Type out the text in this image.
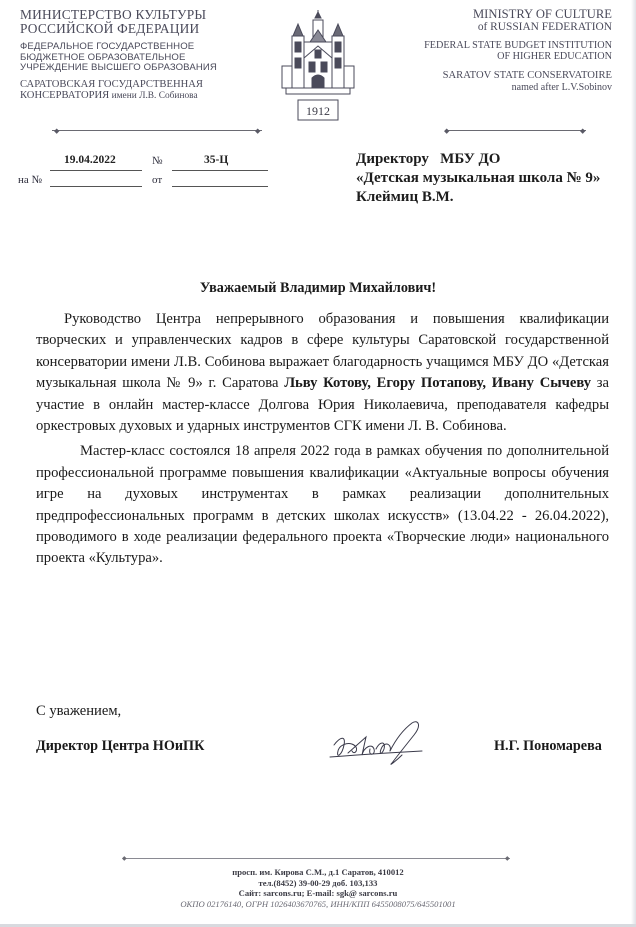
МИНИСТЕРСТВО КУЛЬТУРЫ
РОССИЙСКОЙ ФЕДЕРАЦИИ
ФЕДЕРАЛЬНОЕ ГОСУДАРСТВЕННОЕ
БЮДЖЕТНОЕ ОБРАЗОВАТЕЛЬНОЕ
УЧРЕЖДЕНИЕ ВЫСШЕГО ОБРАЗОВАНИЯ
САРАТОВСКАЯ ГОСУДАРСТВЕННАЯ
КОНСЕРВАТОРИЯ имени Л.В. Собинова
1912
MINISTRY OF CULTURE
of RUSSIAN FEDERATION
FEDERAL STATE BUDGET INSTITUTION
OF HIGHER EDUCATION
SARATOV STATE CONSERVATOIRE
named after L.V.Sobinov
◆	◆	◆	◆
19.04.2022	№	35-Ц
на №	от
Директору   МБУ ДО
«Детская музыкальная школа № 9»
Клеймиц В.М.
Уважаемый Владимир Михайлович!

Руководство Центра непрерывного образования и повышения квалификации творческих и управленческих кадров в сфере культуры Саратовской государственной консерватории имени Л.В. Собинова выражает благодарность учащимся МБУ ДО «Детская музыкальная школа № 9» г. Саратова Льву Котову, Егору Потапову, Ивану Сычеву за участие в онлайн мастер-классе Долгова Юрия Николаевича, преподавателя кафедры оркестровых духовых и ударных инструментов СГК имени Л. В. Собинова.

Мастер-класс состоялся 18 апреля 2022 года в рамках обучения по дополнительной профессиональной программе повышения квалификации «Актуальные вопросы обучения игре на духовых инструментах в рамках реализации дополнительных предпрофессиональных программ в детских школах искусств» (13.04.22 - 26.04.2022), проводимого в ходе реализации федерального проекта «Творческие люди» национального проекта «Культура».

С уважением,
Директор Центра НОиПК	Н.Г. Пономарева
◆	◆
просп. им. Кирова С.М., д.1 Саратов, 410012
тел.(8452) 39-00-29 доб. 103,133
Сайт: sarcons.ru; E-mail: sgk@ sarcons.ru
ОКПО 02176140, ОГРН 1026403670765, ИНН/КПП 6455008075/645501001
